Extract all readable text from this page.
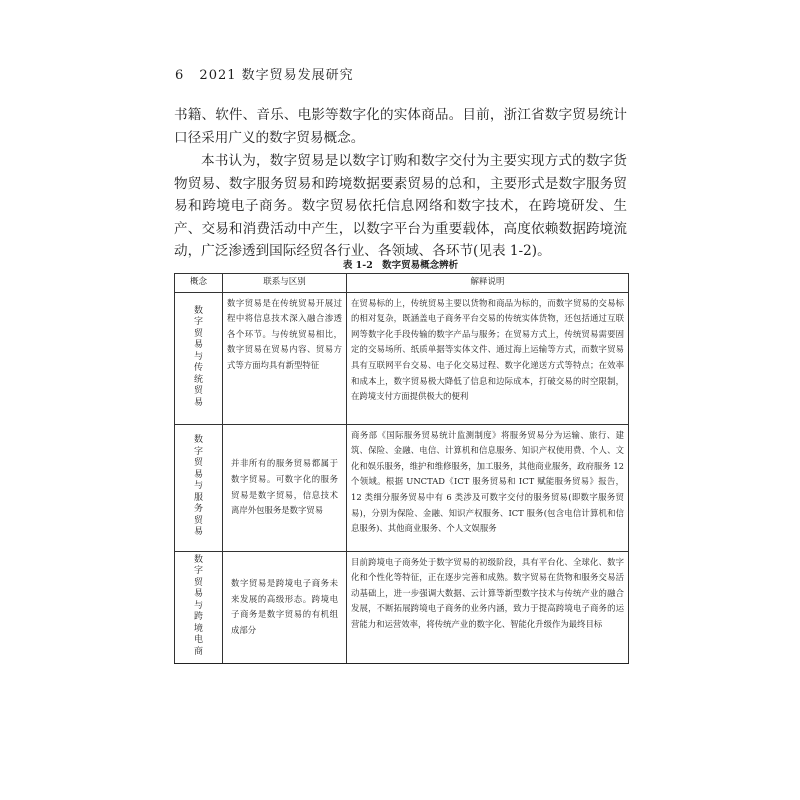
6 2021 数字贸易发展研究

书籍、软件、音乐、电影等数字化的实体商品。目前，浙江省数字贸易统计口径采用广义的数字贸易概念。

本书认为，数字贸易是以数字订购和数字交付为主要实现方式的数字货物贸易、数字服务贸易和跨境数据要素贸易的总和，主要形式是数字服务贸易和跨境电子商务。数字贸易依托信息网络和数字技术，在跨境研发、生产、交易和消费活动中产生，以数字平台为重要载体，高度依赖数据跨境流动，广泛渗透到国际经贸各行业、各领域、各环节(见表 1-2)。

表 1-2 数字贸易概念辨析
概念	联系与区别	解释说明
数字贸易与传统贸易	数字贸易是在传统贸易开展过程中将信息技术深入融合渗透各个环节。与传统贸易相比，数字贸易在贸易内容、贸易方式等方面均具有新型特征	在贸易标的上，传统贸易主要以货物和商品为标的，而数字贸易的交易标的相对复杂，既涵盖电子商务平台交易的传统实体货物，还包括通过互联网等数字化手段传输的数字产品与服务；在贸易方式上，传统贸易需要固定的交易场所、纸质单据等实体文件、通过海上运输等方式，而数字贸易具有互联网平台交易、电子化交易过程、数字化递送方式等特点；在效率和成本上，数字贸易极大降低了信息和边际成本，打破交易的时空限制，在跨境支付方面提供极大的便利
数字贸易与服务贸易	并非所有的服务贸易都属于数字贸易。可数字化的服务贸易是数字贸易，信息技术离岸外包服务是数字贸易	商务部《国际服务贸易统计监测制度》将服务贸易分为运输、旅行、建筑、保险、金融、电信、计算机和信息服务、知识产权使用费、个人、文化和娱乐服务，维护和维修服务，加工服务，其他商业服务，政府服务 12 个领域。根据 UNCTAD《ICT 服务贸易和 ICT 赋能服务贸易》报告，12 类细分服务贸易中有 6 类涉及可数字交付的服务贸易(即数字服务贸易)，分别为保险、金融、知识产权服务、ICT 服务(包含电信计算机和信息服务)、其他商业服务、个人文娱服务
数字贸易与跨境电商	数字贸易是跨境电子商务未来发展的高级形态。跨境电子商务是数字贸易的有机组成部分	目前跨境电子商务处于数字贸易的初级阶段，具有平台化、全球化、数字化和个性化等特征，正在逐步完善和成熟。数字贸易在货物和服务交易活动基础上，进一步强调大数据、云计算等新型数字技术与传统产业的融合发展，不断拓展跨境电子商务的业务内涵，致力于提高跨境电子商务的运营能力和运营效率，将传统产业的数字化、智能化升级作为最终目标
